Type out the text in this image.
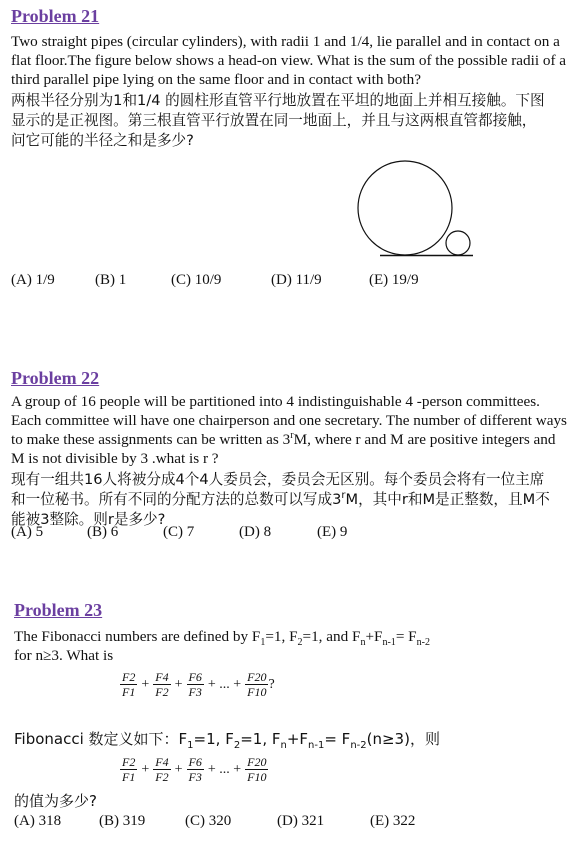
Problem 21

Two straight pipes (circular cylinders), with radii 1 and 1/4, lie parallel and in contact on a flat floor.The figure below shows a head-on view. What is the sum of the possible radii of a third parallel pipe lying on the same floor and in contact with both?

两根半径分别为1和1/4 的圆柱形直管平行地放置在平坦的地面上并相互接触。下图显示的是正视图。第三根直管平行放置在同一地面上，并且与这两根直管都接触，问它可能的半径之和是多少?

(A) 1/9	(B) 1	(C) 10/9	(D) 11/9	(E) 19/9
Problem 22

A group of 16 people will be partitioned into 4 indistinguishable 4 -person committees. Each committee will have one chairperson and one secretary. The number of different ways to make these assignments can be written as 3$^r$M, where r and M are positive integers and M is not divisible by 3 .what is r ?

现有一组共16人将被分成4个4人委员会，委员会无区别。每个委员会将有一位主席和一位秘书。所有不同的分配方法的总数可以写成3$^r$M，其中r和M是正整数，且M不能被3整除。则r是多少?

(A) 5	(B) 6	(C) 7	(D) 8	(E) 9
Problem 23

The Fibonacci numbers are defined by $F_1=1$, $F_2=1$, and $F_n+F_{n-1}= F_{n-2}$

for n≥3. What is

$\frac{F2}{F1} + \frac{F4}{F2} + \frac{F6}{F3}$ + ... + $\frac{F20}{F10}$ ?

Fibonacci 数定义如下：$F_1=1$, $F_2=1$, $F_n+F_{n-1}= F_{n-2}(n\ge 3)$，则

$\frac{F2}{F1} + \frac{F4}{F2} + \frac{F6}{F3}$ + ... + $\frac{F20}{F10}$

的值为多少?

(A) 318	(B) 319	(C) 320	(D) 321	(E) 322
